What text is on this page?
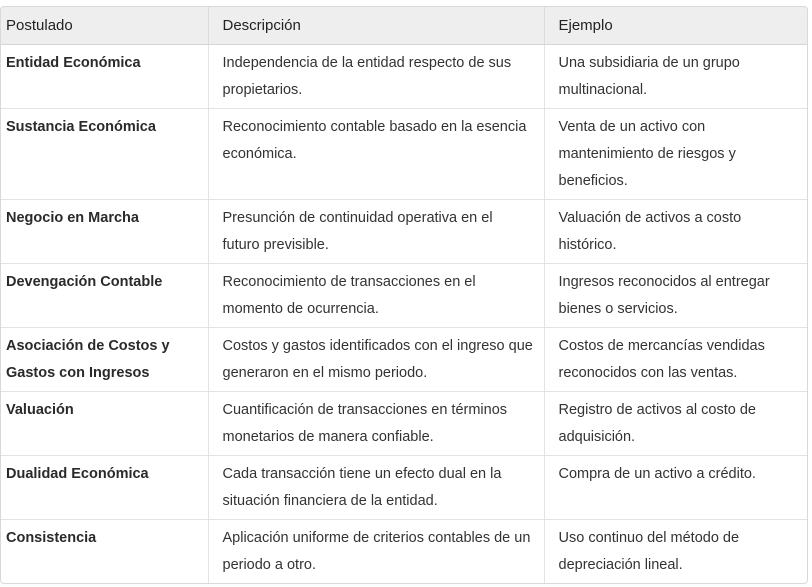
Postulado	Descripción	Ejemplo
Entidad Económica	Independencia de la entidad respecto de sus propietarios.	Una subsidiaria de un grupo multinacional.
Sustancia Económica	Reconocimiento contable basado en la esencia económica.	Venta de un activo con mantenimiento de riesgos y beneficios.
Negocio en Marcha	Presunción de continuidad operativa en el futuro previsible.	Valuación de activos a costo histórico.
Devengación Contable	Reconocimiento de transacciones en el momento de ocurrencia.	Ingresos reconocidos al entregar bienes o servicios.
Asociación de Costos y Gastos con Ingresos	Costos y gastos identificados con el ingreso que generaron en el mismo periodo.	Costos de mercancías vendidas reconocidos con las ventas.
Valuación	Cuantificación de transacciones en términos monetarios de manera confiable.	Registro de activos al costo de adquisición.
Dualidad Económica	Cada transacción tiene un efecto dual en la situación financiera de la entidad.	Compra de un activo a crédito.
Consistencia	Aplicación uniforme de criterios contables de un periodo a otro.	Uso continuo del método de depreciación lineal.
